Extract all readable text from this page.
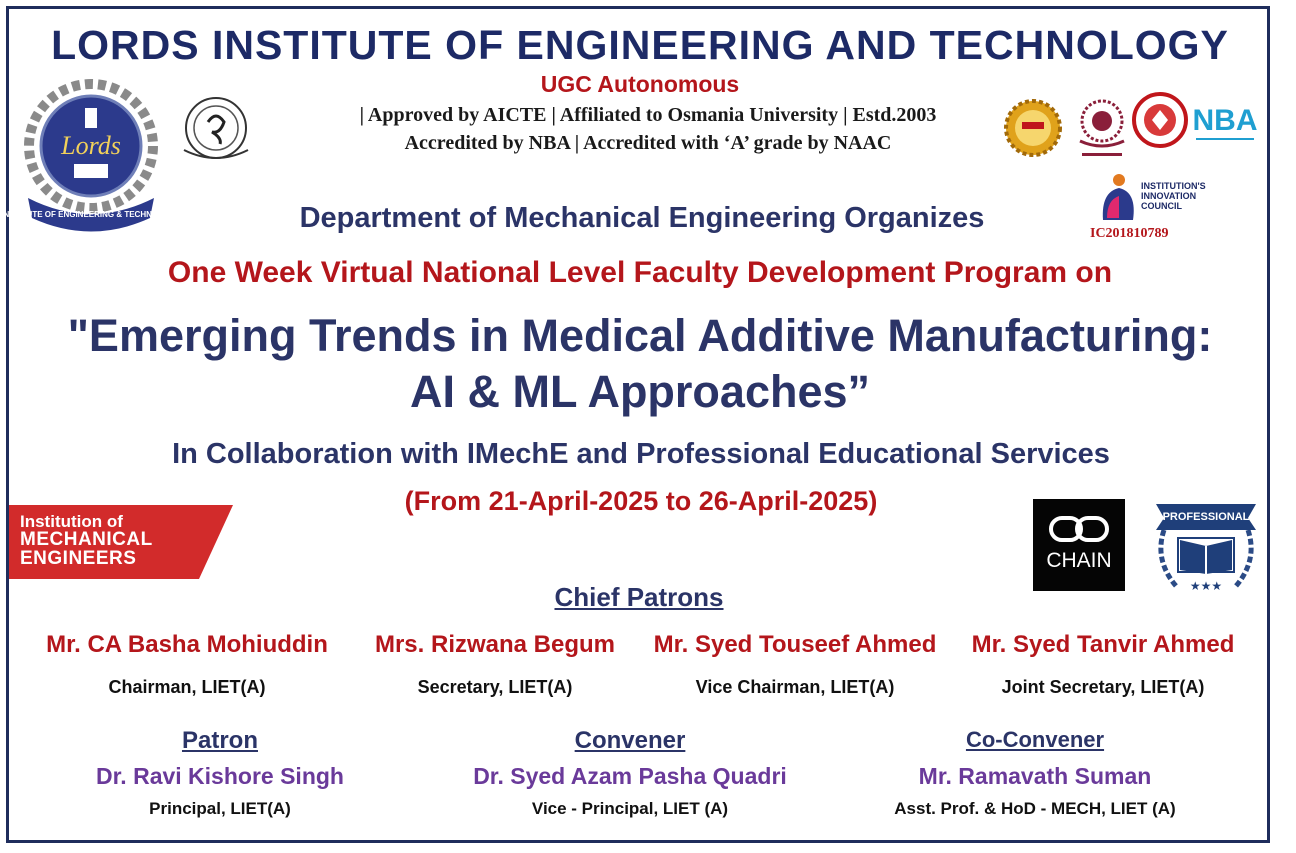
LORDS INSTITUTE OF ENGINEERING AND TECHNOLOGY
UGC Autonomous
| Approved by AICTE | Affiliated to Osmania University | Estd.2003
Accredited by NBA | Accredited with ‘A’ grade by NAAC
Lords
INSTITUTE OF ENGINEERING & TECHNOLOGY
NBA
INSTITUTION'S INNOVATION COUNCIL
IC201810789
Department of Mechanical Engineering Organizes
One Week Virtual National Level Faculty Development Program on
"Emerging Trends in Medical Additive Manufacturing:
AI & ML Approaches”
In Collaboration with IMechE and Professional Educational Services
(From 21-April-2025 to 26-April-2025)
Institution of
MECHANICAL
ENGINEERS	CHAIN
PROFESSIONAL
★★★
Chief Patrons
Mr. CA Basha Mohiuddin
Chairman, LIET(A)
Mrs. Rizwana Begum
Secretary, LIET(A)
Mr. Syed Touseef Ahmed
Vice Chairman, LIET(A)
Mr. Syed Tanvir Ahmed
Joint Secretary, LIET(A)
Patron
Dr. Ravi Kishore Singh
Principal, LIET(A)
Convener
Dr. Syed Azam Pasha Quadri
Vice - Principal, LIET (A)
Co-Convener
Mr. Ramavath Suman
Asst. Prof. & HoD - MECH, LIET (A)
